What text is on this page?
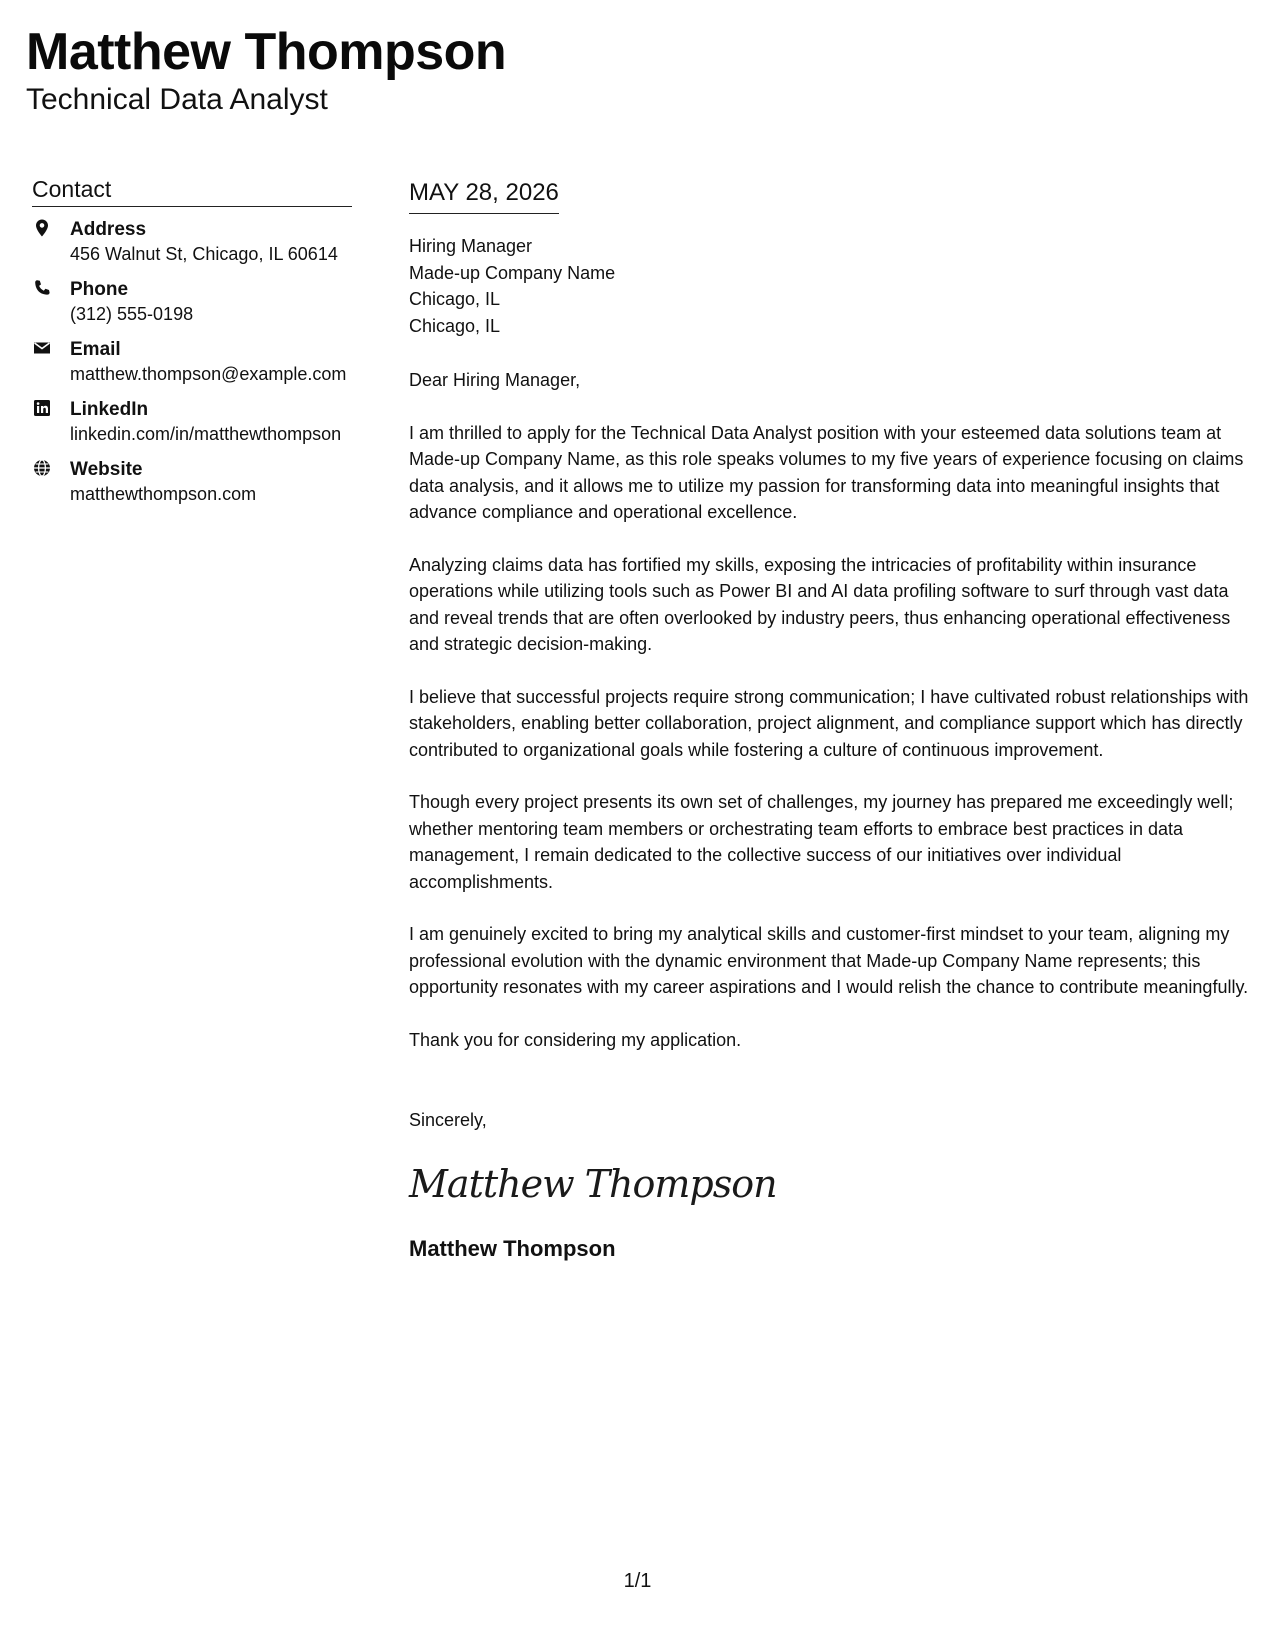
Matthew Thompson
Technical Data Analyst
Contact
Address
456 Walnut St, Chicago, IL 60614
Phone
(312) 555-0198
Email
matthew.thompson@example.com
LinkedIn
linkedin.com/in/matthewthompson
Website
matthewthompson.com
MAY 28, 2026
Hiring Manager
Made-up Company Name
Chicago, IL
Chicago, IL

Dear Hiring Manager,

I am thrilled to apply for the Technical Data Analyst position with your esteemed data solutions team at Made-up Company Name, as this role speaks volumes to my five years of experience focusing on claims data analysis, and it allows me to utilize my passion for transforming data into meaningful insights that advance compliance and operational excellence.

Analyzing claims data has fortified my skills, exposing the intricacies of profitability within insurance operations while utilizing tools such as Power BI and AI data profiling software to surf through vast data and reveal trends that are often overlooked by industry peers, thus enhancing operational effectiveness and strategic decision-making.

I believe that successful projects require strong communication; I have cultivated robust relationships with stakeholders, enabling better collaboration, project alignment, and compliance support which has directly contributed to organizational goals while fostering a culture of continuous improvement.

Though every project presents its own set of challenges, my journey has prepared me exceedingly well; whether mentoring team members or orchestrating team efforts to embrace best practices in data management, I remain dedicated to the collective success of our initiatives over individual accomplishments.

I am genuinely excited to bring my analytical skills and customer-first mindset to your team, aligning my professional evolution with the dynamic environment that Made-up Company Name represents; this opportunity resonates with my career aspirations and I would relish the chance to contribute meaningfully.

Thank you for considering my application.

Sincerely,

Matthew Thompson
Matthew Thompson
1/1
